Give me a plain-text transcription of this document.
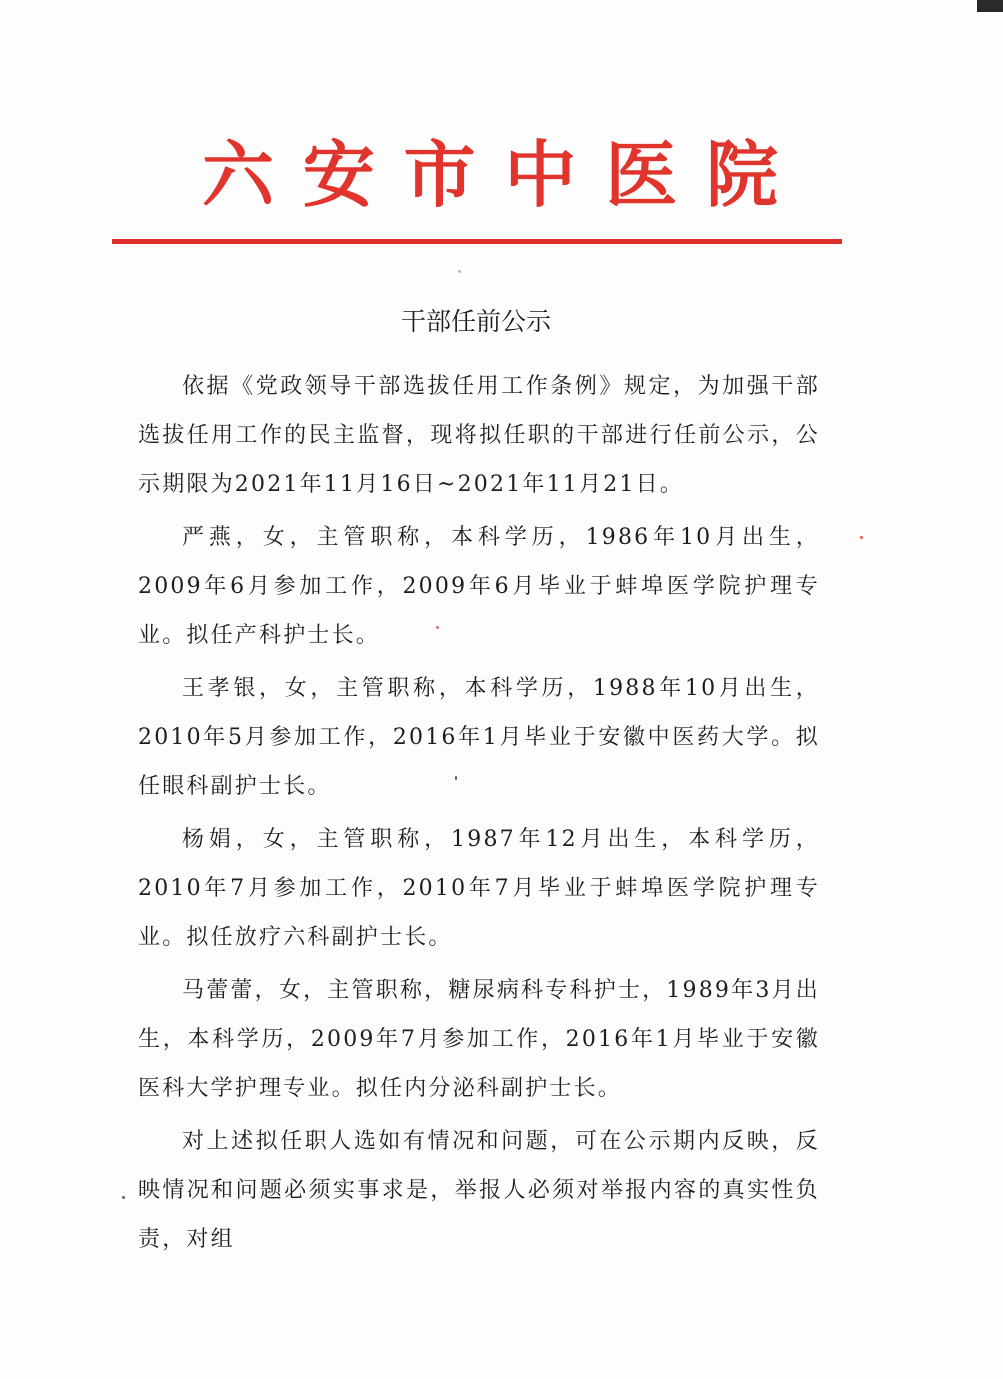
六 安 市 中 医 院
干部任前公示

依据《党政领导干部选拔任用工作条例》规定，为加强干部选拔任用工作的民主监督，现将拟任职的干部进行任前公示，公示期限为2021年11月16日~2021年11月21日。

严燕，女，主管职称，本科学历，1986年10月出生，2009年6月参加工作，2009年6月毕业于蚌埠医学院护理专业。拟任产科护士长。

王孝银，女，主管职称，本科学历，1988年10月出生，2010年5月参加工作，2016年1月毕业于安徽中医药大学。拟任眼科副护士长。

杨娟，女，主管职称，1987年12月出生，本科学历，2010年7月参加工作，2010年7月毕业于蚌埠医学院护理专业。拟任放疗六科副护士长。

马蕾蕾，女，主管职称，糖尿病科专科护士，1989年3月出生，本科学历，2009年7月参加工作，2016年1月毕业于安徽医科大学护理专业。拟任内分泌科副护士长。

对上述拟任职人选如有情况和问题，可在公示期内反映，反映情况和问题必须实事求是，举报人必须对举报内容的真实性负责，对组
